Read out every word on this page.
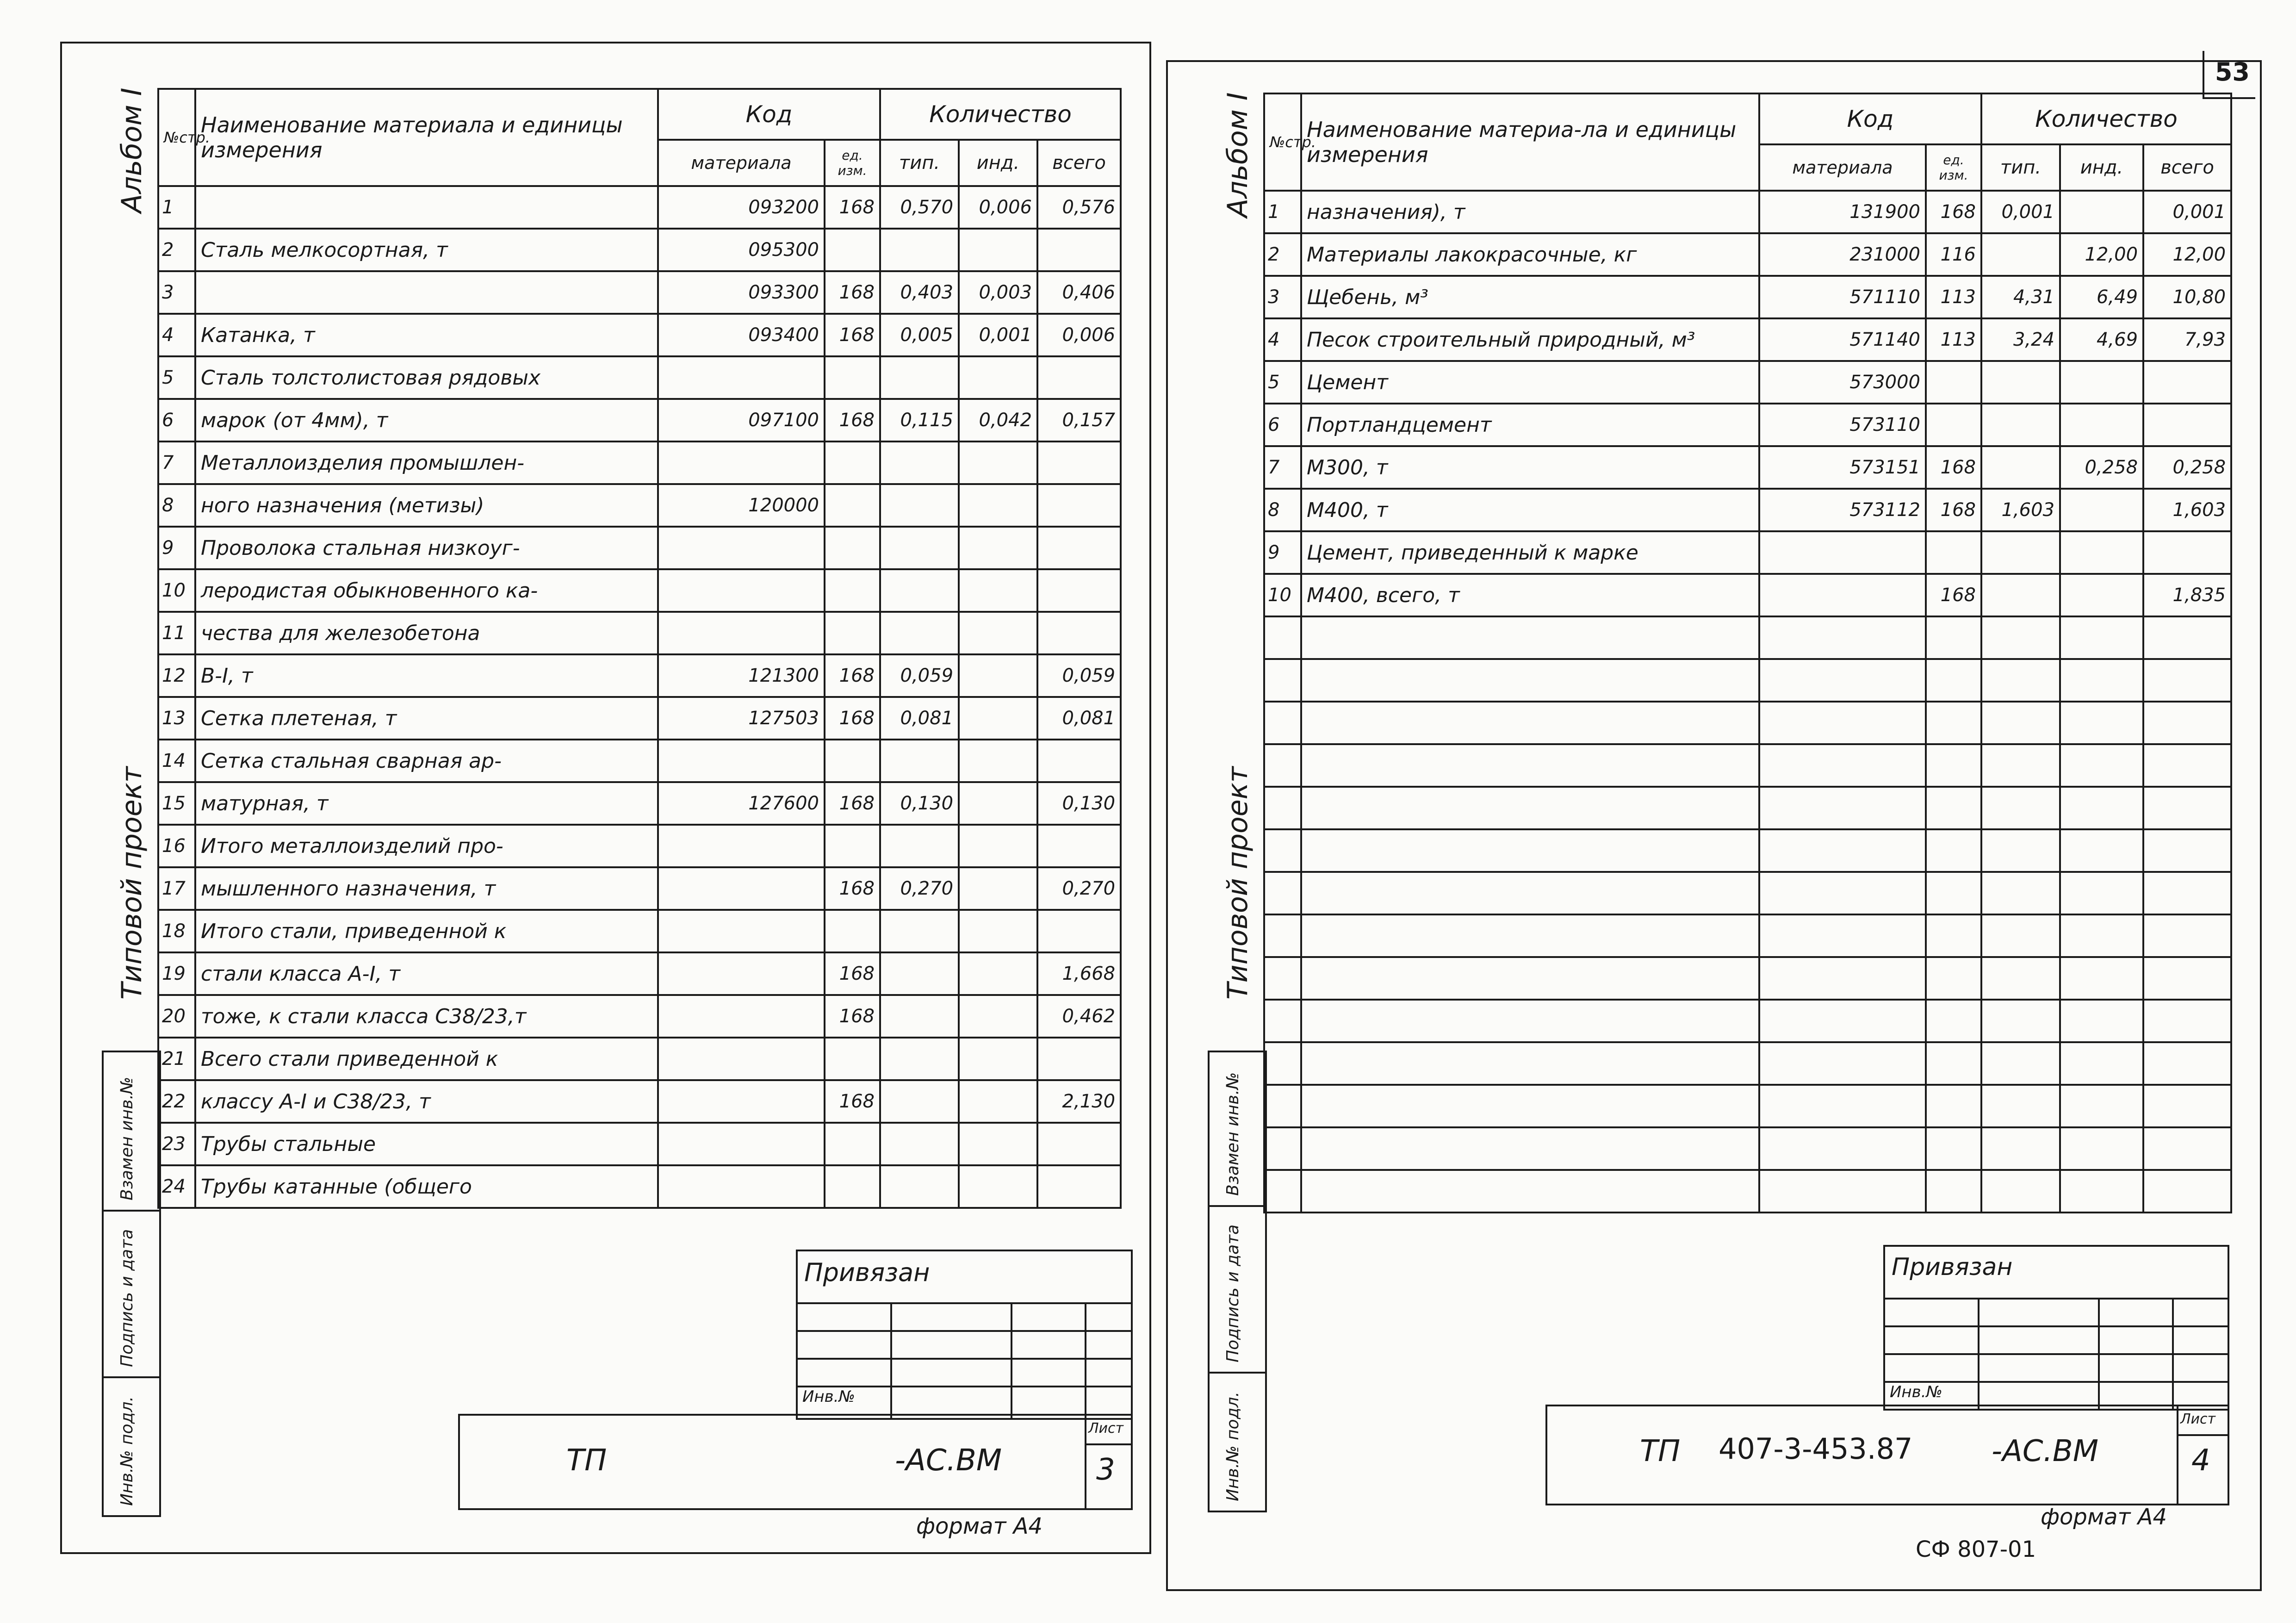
53
Альбом I
Типовой проект
Взамен инв.№
Подпись и дата
Инв.№ подл.
№стр.	Наименование материала и единицы измерения	Код		Количество		
		материала	ед. изм.	тип.	инд.	всего
1		093200	168	0,570	0,006	0,576
2	Сталь мелкосортная, т	095300				
3		093300	168	0,403	0,003	0,406
4	Катанка, т	093400	168	0,005	0,001	0,006
5	Сталь толстолистовая рядовых					
6	марок (от 4мм), т	097100	168	0,115	0,042	0,157
7	Металлоизделия промышлен-					
8	ного назначения (метизы)	120000				
9	Проволока стальная низкоуг-					
10	леродистая обыкновенного ка-					
11	чества для железобетона					
12	В-I, т	121300	168	0,059		0,059
13	Сетка плетеная, т	127503	168	0,081		0,081
14	Сетка стальная сварная ар-					
15	матурная, т	127600	168	0,130		0,130
16	Итого металлоизделий про-					
17	мышленного назначения, т		168	0,270		0,270
18	Итого стали, приведенной к					
19	стали класса А-I, т		168			1,668
20	тоже, к стали класса С38/23,т		168			0,462
21	Всего стали приведенной к					
22	классу А-I и С38/23, т		168			2,130
23	Трубы стальные					
24	Трубы катанные (общего					
Привязан
Инв.№
ТП	-АС.ВМ
Лист
3
формат А4
Альбом I
Типовой проект
Взамен инв.№
Подпись и дата
Инв.№ подл.
№стр.	Наименование материа-ла и единицы измерения	Код		Количество		
		материала	ед. изм.	тип.	инд.	всего
1	назначения), т	131900	168	0,001		0,001
2	Материалы лакокрасочные, кг	231000	116		12,00	12,00
3	Щебень, м³	571110	113	4,31	6,49	10,80
4	Песок строительный природный, м³	571140	113	3,24	4,69	7,93
5	Цемент	573000				
6	Портландцемент	573110				
7	М300, т	573151	168		0,258	0,258
8	М400, т	573112	168	1,603		1,603
9	Цемент, приведенный к марке					
10	М400, всего, т		168			1,835

Привязан
Инв.№
ТП 407-3-453.87	-АС.ВМ
Лист
4
формат А4
СФ 807-01
